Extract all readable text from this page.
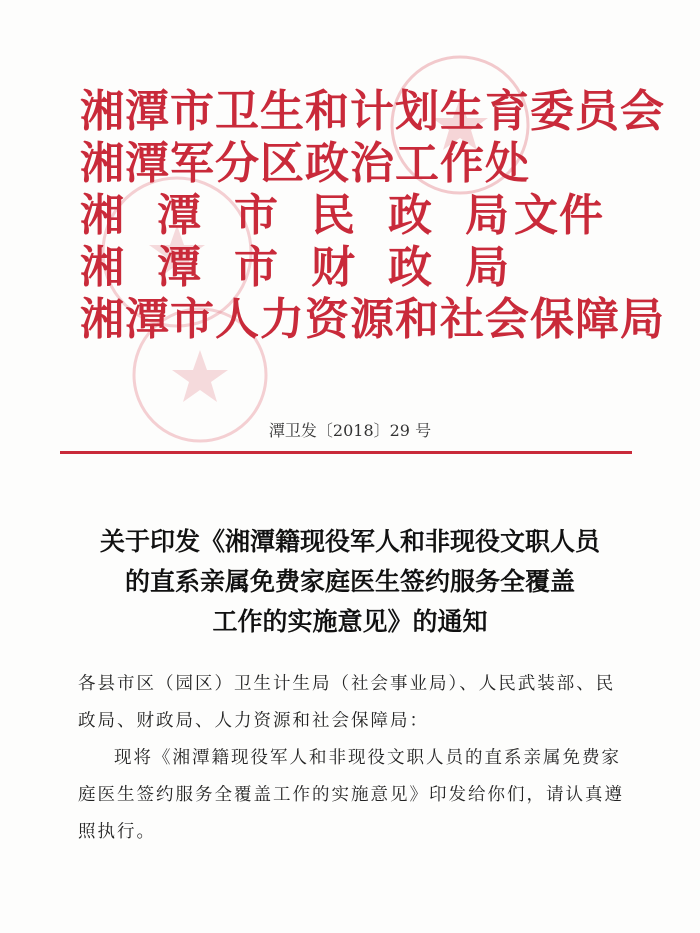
湘潭市卫生和计划生育委员会
湘潭军分区政治工作处
湘 潭 市 民 政 局 文件
湘 潭 市 财 政 局
湘潭市人力资源和社会保障局
潭卫发〔2018〕29 号
关于印发《湘潭籍现役军人和非现役文职人员
的直系亲属免费家庭医生签约服务全覆盖
工作的实施意见》的通知

各县市区（园区）卫生计生局（社会事业局）、人民武装部、民政局、财政局、人力资源和社会保障局：

现将《湘潭籍现役军人和非现役文职人员的直系亲属免费家庭医生签约服务全覆盖工作的实施意见》印发给你们，请认真遵照执行。
